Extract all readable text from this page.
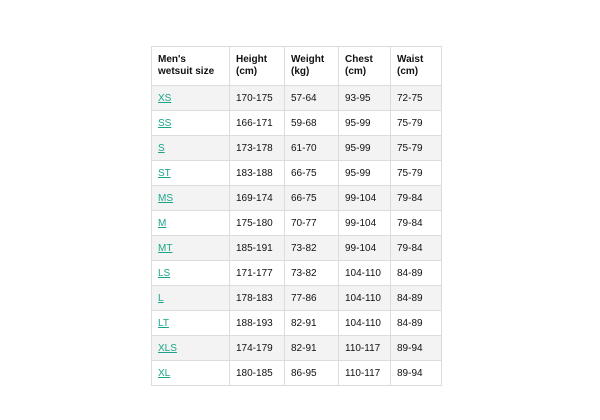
Men's wetsuit size	Height (cm)	Weight (kg)	Chest (cm)	Waist (cm)
XS	170-175	57-64	93-95	72-75
SS	166-171	59-68	95-99	75-79
S	173-178	61-70	95-99	75-79
ST	183-188	66-75	95-99	75-79
MS	169-174	66-75	99-104	79-84
M	175-180	70-77	99-104	79-84
MT	185-191	73-82	99-104	79-84
LS	171-177	73-82	104-110	84-89
L	178-183	77-86	104-110	84-89
LT	188-193	82-91	104-110	84-89
XLS	174-179	82-91	110-117	89-94
XL	180-185	86-95	110-117	89-94
